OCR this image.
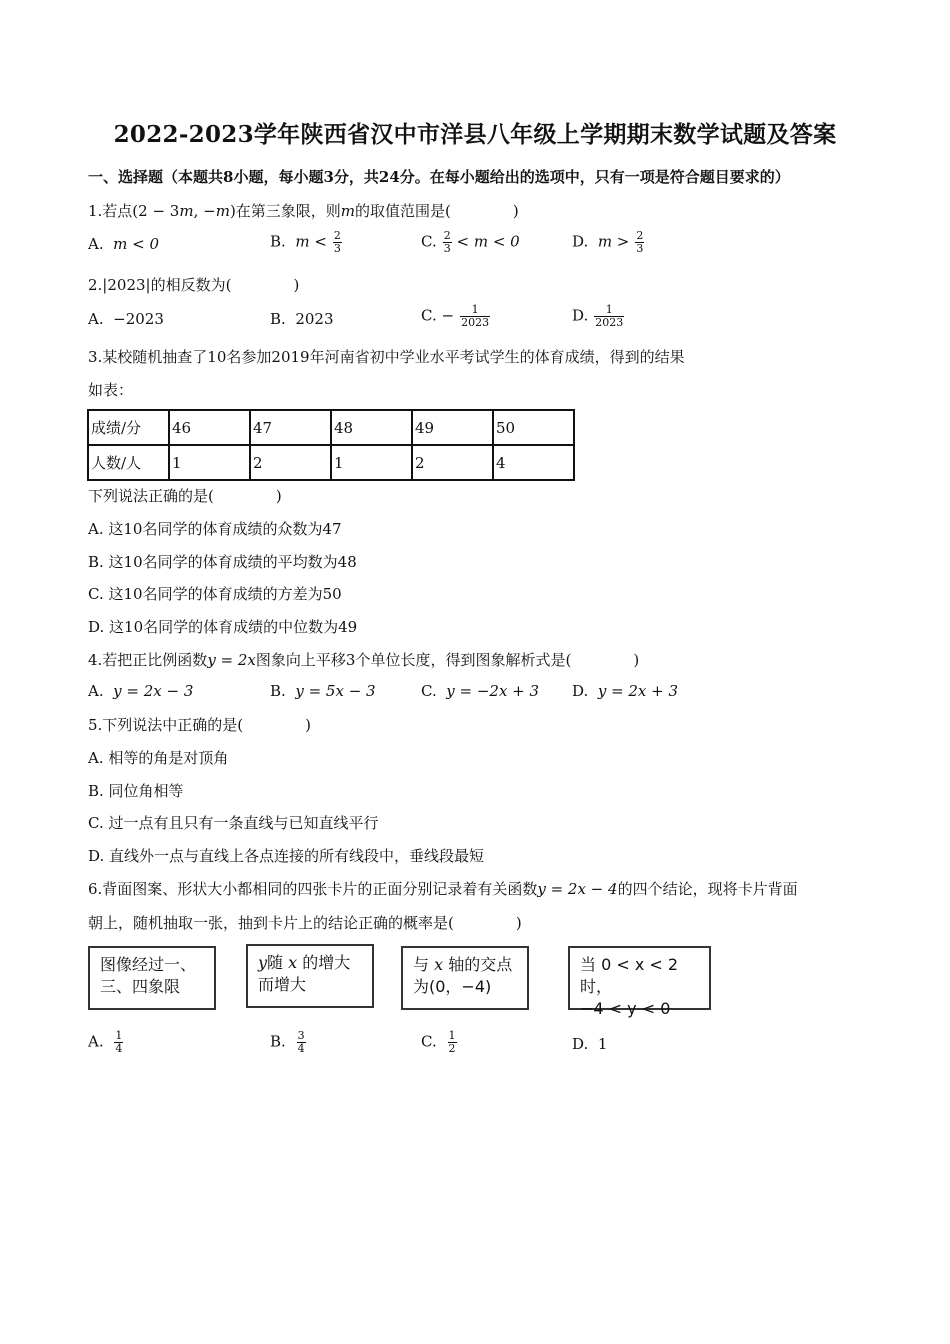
2022-2023学年陕西省汉中市洋县八年级上学期期末数学试题及答案
一、选择题（本题共8小题，每小题3分，共24分。在每小题给出的选项中，只有一项是符合题目要求的）
1.若点(2 − 3m, −m)在第三象限，则m的取值范围是(	)
A. m < 0	B. $m < \frac{2}{3}$	C. $\frac{2}{3} < m < 0$	D. $m > \frac{2}{3}$
2.|2023|的相反数为(	)
A. −2023	B. 2023	C. − $\frac{1}{2023}$	D. $\frac{1}{2023}$
3.某校随机抽查了10名参加2019年河南省初中学业水平考试学生的体育成绩，得到的结果
如表：
成绩/分	46	47	48	49	50
人数/人	1	2	1	2	4
下列说法正确的是(	)
A. 这10名同学的体育成绩的众数为47
B. 这10名同学的体育成绩的平均数为48
C. 这10名同学的体育成绩的方差为50
D. 这10名同学的体育成绩的中位数为49
4.若把正比例函数y = 2x图象向上平移3个单位长度，得到图象解析式是(	)
A. y = 2x − 3	B. y = 5x − 3	C. y = −2x + 3 D. y = 2x + 3
5.下列说法中正确的是(	)
A. 相等的角是对顶角
B. 同位角相等
C. 过一点有且只有一条直线与已知直线平行
D. 直线外一点与直线上各点连接的所有线段中，垂线段最短
6.背面图案、形状大小都相同的四张卡片的正面分别记录着有关函数y = 2x − 4的四个结论，现将卡片背面
朝上，随机抽取一张，抽到卡片上的结论正确的概率是(	)
图像经过一、
三、四象限
y随 x 的增大
而增大
与 x 轴的交点
为(0，−4)
当 0 < x < 2 时，
−4 < y < 0
A. $\frac{1}{4}$	B. $\frac{3}{4}$	C. $\frac{1}{2}$	D. 1
